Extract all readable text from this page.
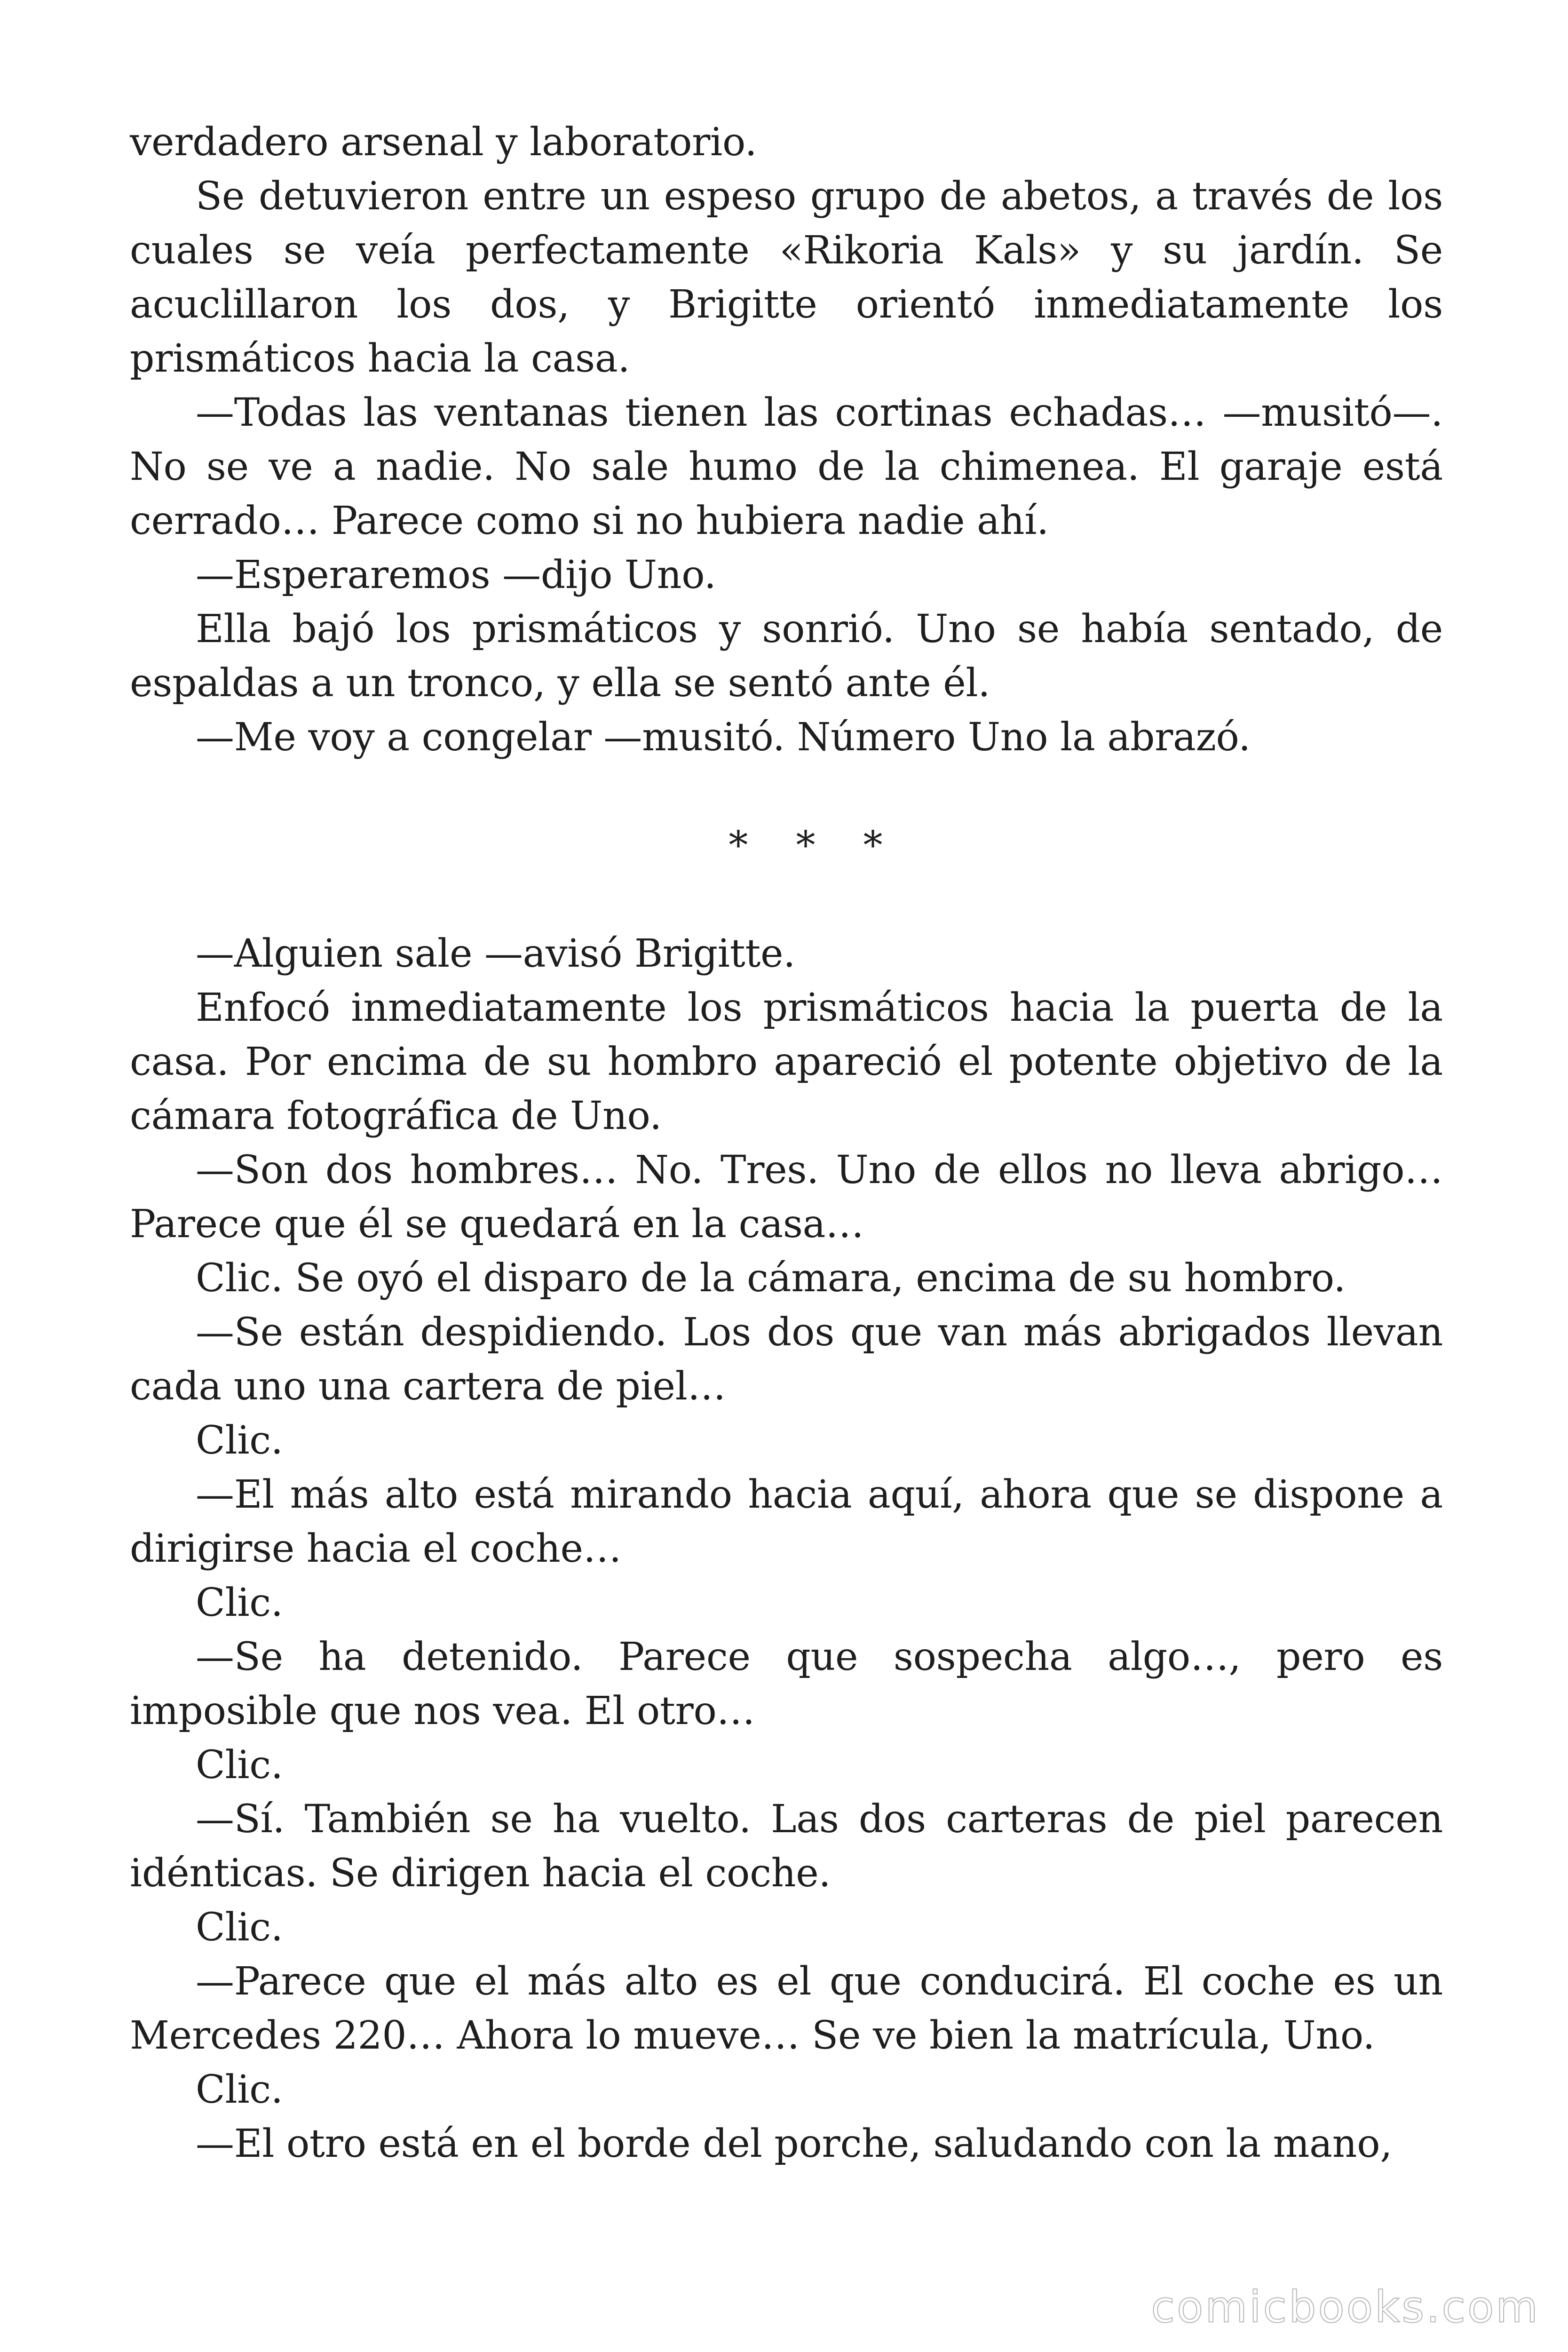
verdadero arsenal y laboratorio.

Se detuvieron entre un espeso grupo de abetos, a través de los cuales se veía perfectamente «Rikoria Kals» y su jardín. Se acuclillaron los dos, y Brigitte orientó inmediatamente los prismáticos hacia la casa.

—Todas las ventanas tienen las cortinas echadas… —musitó—. No se ve a nadie. No sale humo de la chimenea. El garaje está cerrado… Parece como si no hubiera nadie ahí.

—Esperaremos —dijo Uno.

Ella bajó los prismáticos y sonrió. Uno se había sentado, de espaldas a un tronco, y ella se sentó ante él.

—Me voy a congelar —musitó. Número Uno la abrazó.

* * *

—Alguien sale —avisó Brigitte.

Enfocó inmediatamente los prismáticos hacia la puerta de la casa. Por encima de su hombro apareció el potente objetivo de la cámara fotográfica de Uno.

—Son dos hombres… No. Tres. Uno de ellos no lleva abrigo… Parece que él se quedará en la casa…

Clic. Se oyó el disparo de la cámara, encima de su hombro.

—Se están despidiendo. Los dos que van más abrigados llevan cada uno una cartera de piel…

Clic.

—El más alto está mirando hacia aquí, ahora que se dispone a dirigirse hacia el coche…

Clic.

—Se ha detenido. Parece que sospecha algo…, pero es imposible que nos vea. El otro…

Clic.

—Sí. También se ha vuelto. Las dos carteras de piel parecen idénticas. Se dirigen hacia el coche.

Clic.

—Parece que el más alto es el que conducirá. El coche es un Mercedes 220… Ahora lo mueve… Se ve bien la matrícula, Uno.

Clic.

—El otro está en el borde del porche, saludando con la mano,

comicbooks.com
